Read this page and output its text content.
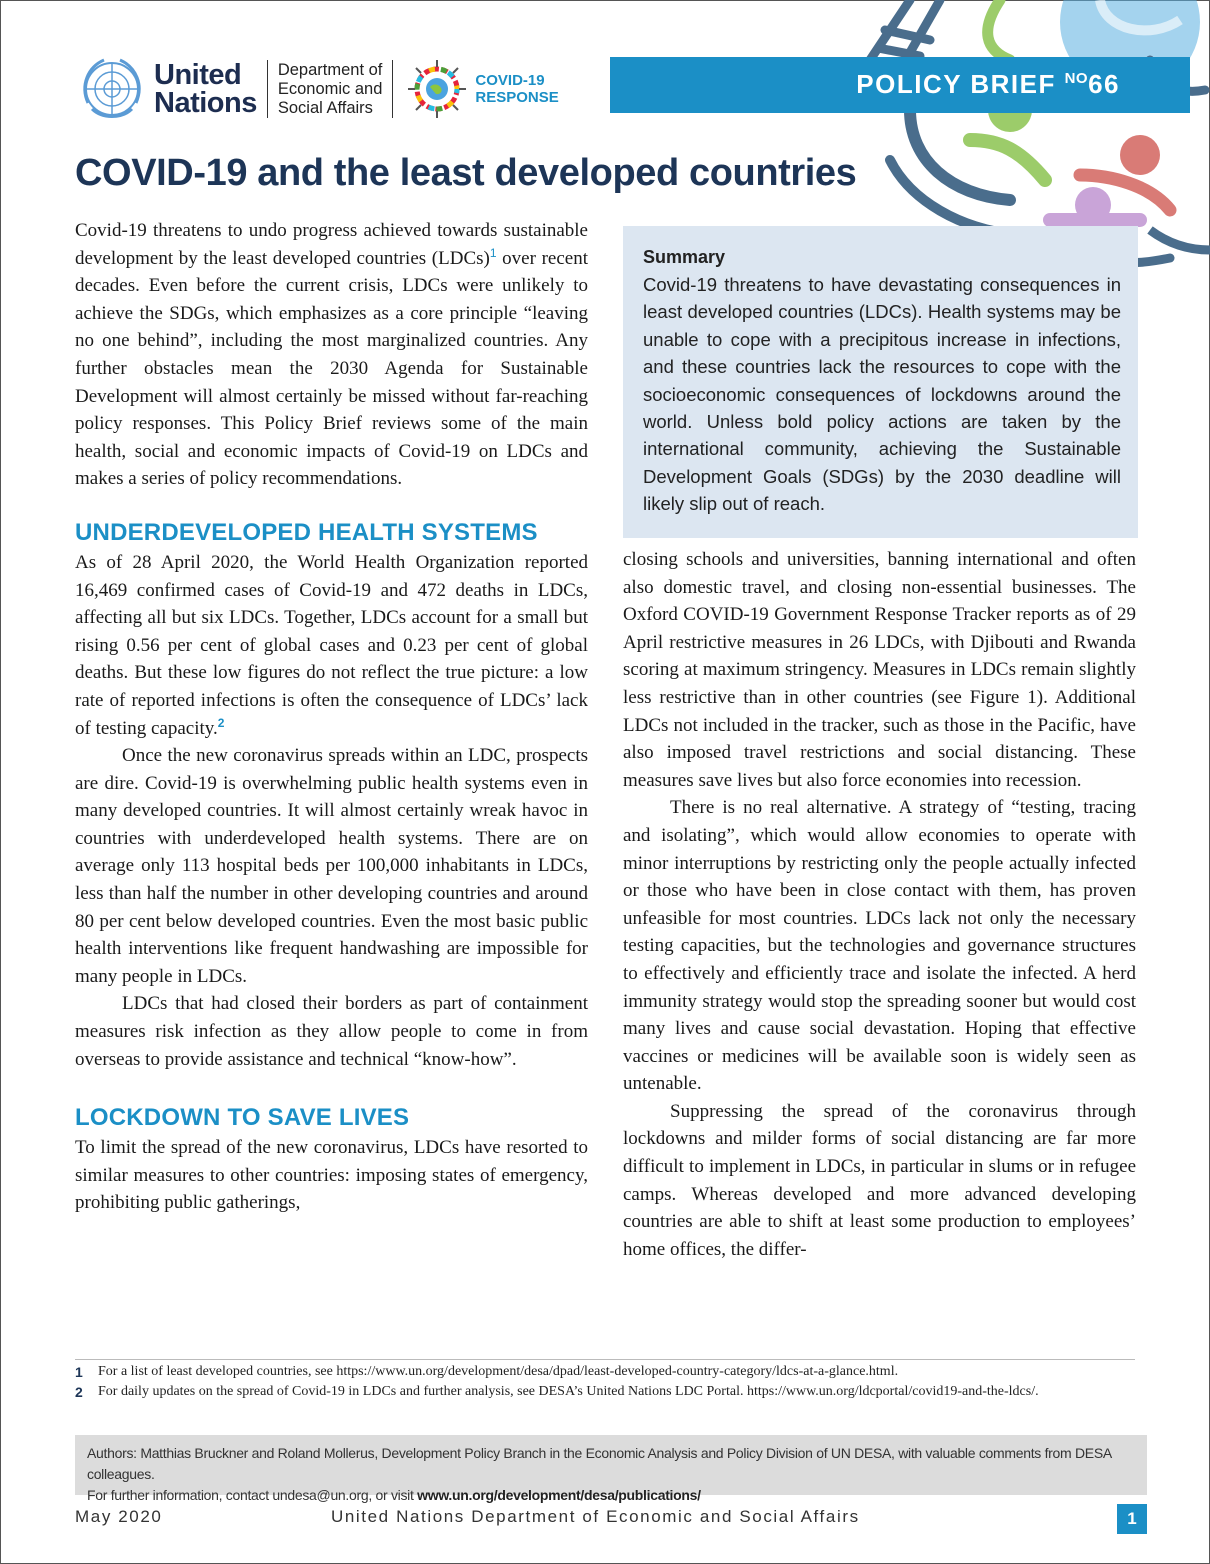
United
Nations
Department of
Economic and
Social Affairs
COVID-19
RESPONSE	POLICY BRIEF $^{NO}$66
COVID-19 and the least developed countries

Covid-19 threatens to undo progress achieved towards sustainable development by the least developed countries (LDCs)$^1$ over recent decades. Even before the current crisis, LDCs were unlikely to achieve the SDGs, which emphasizes as a core principle “leaving no one behind”, including the most marginalized countries. Any further obstacles mean the 2030 Agenda for Sustainable Development will almost certainly be missed without far-reaching policy responses. This Policy Brief reviews some of the main health, social and economic impacts of Covid-19 on LDCs and makes a series of policy recommendations.

UNDERDEVELOPED HEALTH SYSTEMS

As of 28 April 2020, the World Health Organization reported 16,469 confirmed cases of Covid-19 and 472 deaths in LDCs, affecting all but six LDCs. Together, LDCs account for a small but rising 0.56 per cent of global cases and 0.23 per cent of global deaths. But these low figures do not reflect the true picture: a low rate of reported infections is often the consequence of LDCs’ lack of testing capacity.$^2$

Once the new coronavirus spreads within an LDC, prospects are dire. Covid-19 is overwhelming public health systems even in many developed countries. It will almost certainly wreak havoc in countries with underdeveloped health systems. There are on average only 113 hospital beds per 100,000 inhabitants in LDCs, less than half the number in other developing countries and around 80 per cent below developed countries. Even the most basic public health interventions like frequent handwashing are impossible for many people in LDCs.

LDCs that had closed their borders as part of containment measures risk infection as they allow people to come in from overseas to provide assistance and technical “know-how”.

LOCKDOWN TO SAVE LIVES

To limit the spread of the new coronavirus, LDCs have resorted to similar measures to other countries: imposing states of emergency, prohibiting public gatherings,

Summary

Covid-19 threatens to have devastating consequences in least developed countries (LDCs). Health systems may be unable to cope with a precipitous increase in infections, and these countries lack the resources to cope with the socioeconomic consequences of lockdowns around the world. Unless bold policy actions are taken by the international community, achieving the Sustainable Development Goals (SDGs) by the 2030 deadline will likely slip out of reach.

closing schools and universities, banning international and often also domestic travel, and closing non-essential businesses. The Oxford COVID-19 Government Response Tracker reports as of 29 April restrictive measures in 26 LDCs, with Djibouti and Rwanda scoring at maximum stringency. Measures in LDCs remain slightly less restrictive than in other countries (see Figure 1). Additional LDCs not included in the tracker, such as those in the Pacific, have also imposed travel restrictions and social distancing. These measures save lives but also force economies into recession.

There is no real alternative. A strategy of “testing, tracing and isolating”, which would allow economies to operate with minor interruptions by restricting only the people actually infected or those who have been in close contact with them, has proven unfeasible for most countries. LDCs lack not only the necessary testing capacities, but the technologies and governance structures to effectively and efficiently trace and isolate the infected. A herd immunity strategy would stop the spreading sooner but would cost many lives and cause social devastation. Hoping that effective vaccines or medicines will be available soon is widely seen as untenable.

Suppressing the spread of the coronavirus through lockdowns and milder forms of social distancing are far more difficult to implement in LDCs, in particular in slums or in refugee camps. Whereas developed and more advanced developing countries are able to shift at least some production to employees’ home offices, the differ-

1	For a list of least developed countries, see https://www.un.org/development/desa/dpad/least-developed-country-category/ldcs-at-a-glance.html.
2	For daily updates on the spread of Covid-19 in LDCs and further analysis, see DESA’s United Nations LDC Portal. https://www.un.org/ldcportal/covid19-and-the-ldcs/.
Authors: Matthias Bruckner and Roland Mollerus, Development Policy Branch in the Economic Analysis and Policy Division of UN DESA, with valuable comments from DESA colleagues.
For further information, contact undesa@un.org, or visit www.un.org/development/desa/publications/
May 2020	United Nations Department of Economic and Social Affairs	1
